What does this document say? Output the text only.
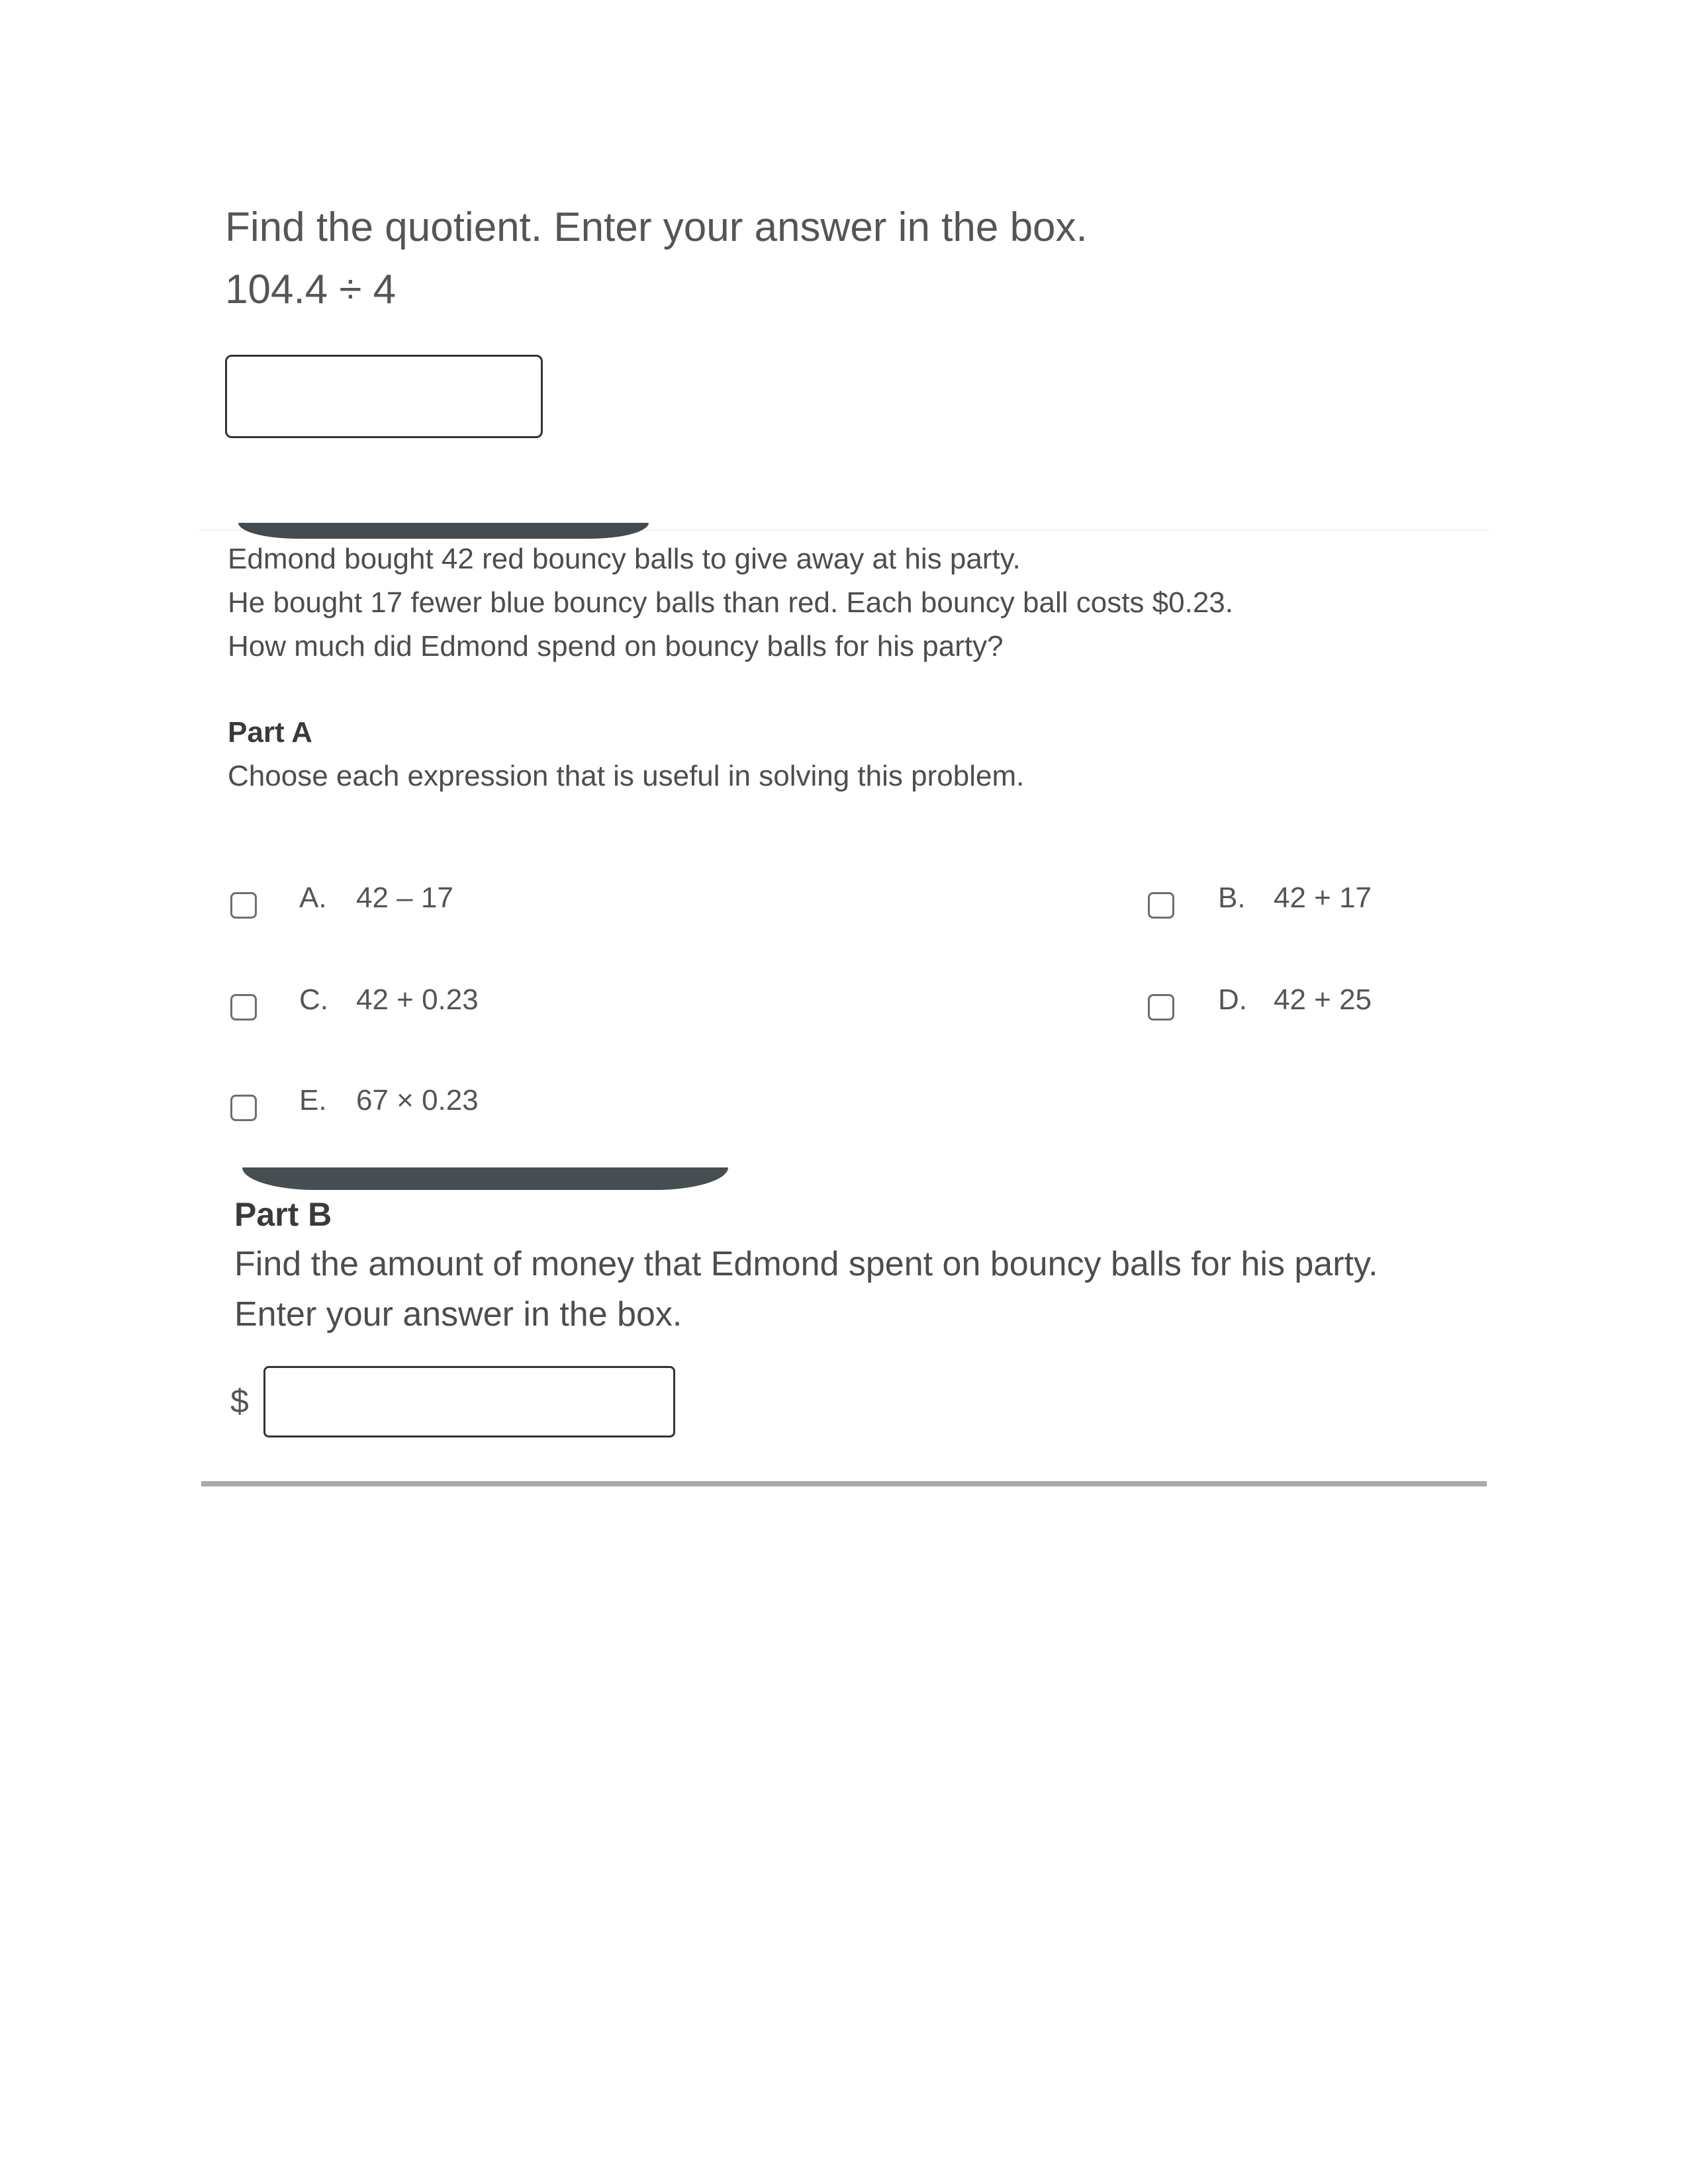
Find the quotient. Enter your answer in the box.
104.4 ÷ 4
Edmond bought 42 red bouncy balls to give away at his party.
He bought 17 fewer blue bouncy balls than red. Each bouncy ball costs $0.23.
How much did Edmond spend on bouncy balls for his party?
Part A
Choose each expression that is useful in solving this problem.
A. 42 – 17	B. 42 + 17
C. 42 + 0.23	D. 42 + 25
E. 67 × 0.23
Part B
Find the amount of money that Edmond spent on bouncy balls for his party.
Enter your answer in the box.
$
